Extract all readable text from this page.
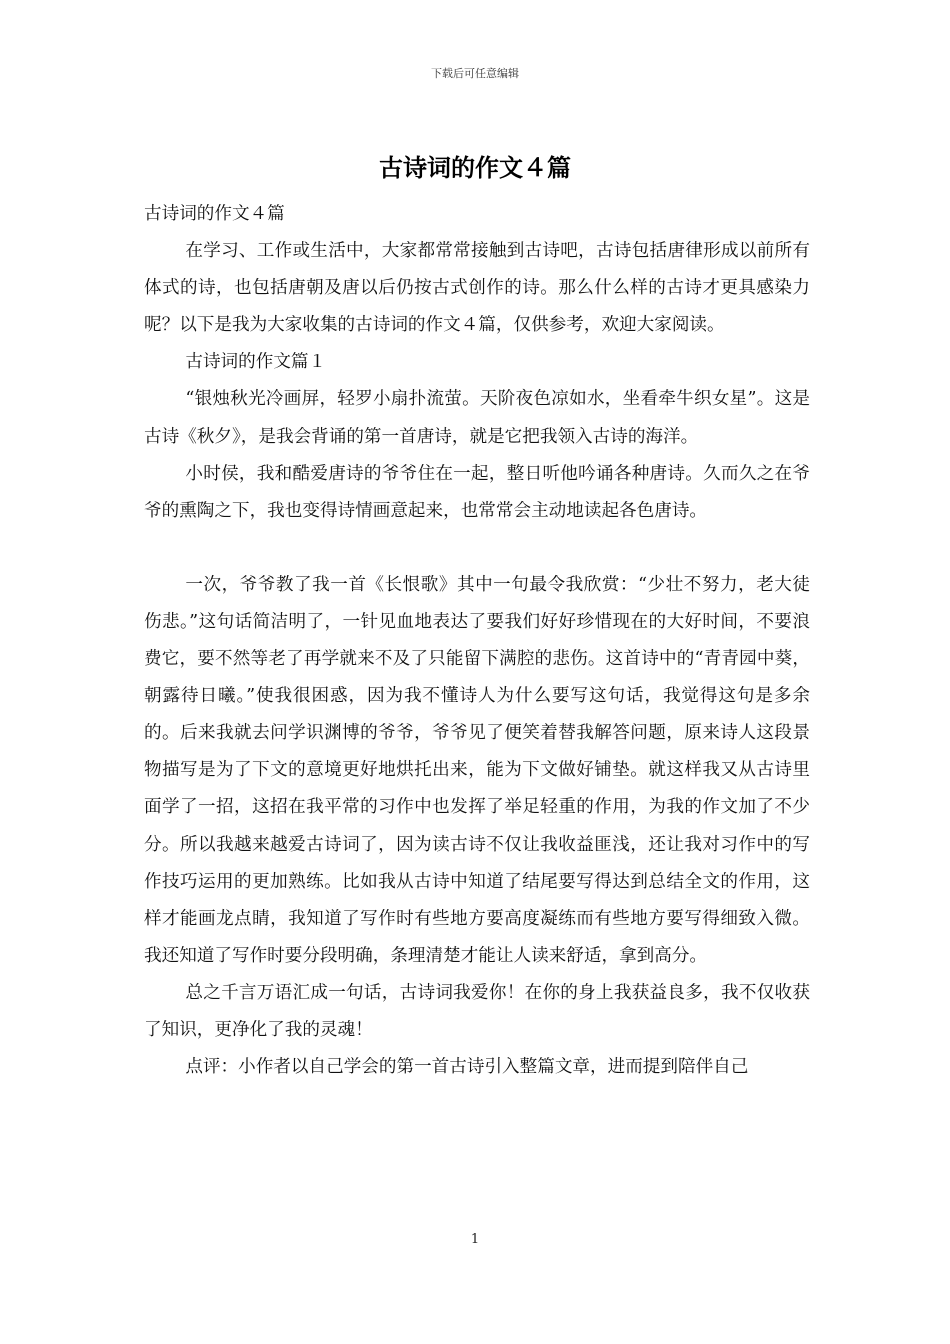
下载后可任意编辑
古诗词的作文４篇

古诗词的作文４篇

在学习、工作或生活中，大家都常常接触到古诗吧，古诗包括唐律形成以前所有体式的诗，也包括唐朝及唐以后仍按古式创作的诗。那么什么样的古诗才更具感染力呢？以下是我为大家收集的古诗词的作文４篇，仅供参考，欢迎大家阅读。

古诗词的作文篇１

“银烛秋光冷画屏，轻罗小扇扑流萤。天阶夜色凉如水，坐看牵牛织女星”。这是古诗《秋夕》，是我会背诵的第一首唐诗，就是它把我领入古诗的海洋。

小时侯，我和酷爱唐诗的爷爷住在一起，整日听他吟诵各种唐诗。久而久之在爷爷的熏陶之下，我也变得诗情画意起来，也常常会主动地读起各色唐诗。

一次，爷爷教了我一首《长恨歌》其中一句最令我欣赏：“少壮不努力，老大徒伤悲。”这句话简洁明了，一针见血地表达了要我们好好珍惜现在的大好时间，不要浪费它，要不然等老了再学就来不及了只能留下满腔的悲伤。这首诗中的“青青园中葵，朝露待日曦。”使我很困惑，因为我不懂诗人为什么要写这句话，我觉得这句是多余的。后来我就去问学识渊博的爷爷，爷爷见了便笑着替我解答问题，原来诗人这段景物描写是为了下文的意境更好地烘托出来，能为下文做好铺垫。就这样我又从古诗里面学了一招，这招在我平常的习作中也发挥了举足轻重的作用，为我的作文加了不少分。所以我越来越爱古诗词了，因为读古诗不仅让我收益匪浅，还让我对习作中的写作技巧运用的更加熟练。比如我从古诗中知道了结尾要写得达到总结全文的作用，这样才能画龙点睛，我知道了写作时有些地方要高度凝练而有些地方要写得细致入微。我还知道了写作时要分段明确，条理清楚才能让人读来舒适，拿到高分。

总之千言万语汇成一句话，古诗词我爱你！在你的身上我获益良多，我不仅收获了知识，更净化了我的灵魂！

点评：小作者以自己学会的第一首古诗引入整篇文章，进而提到陪伴自己

1
